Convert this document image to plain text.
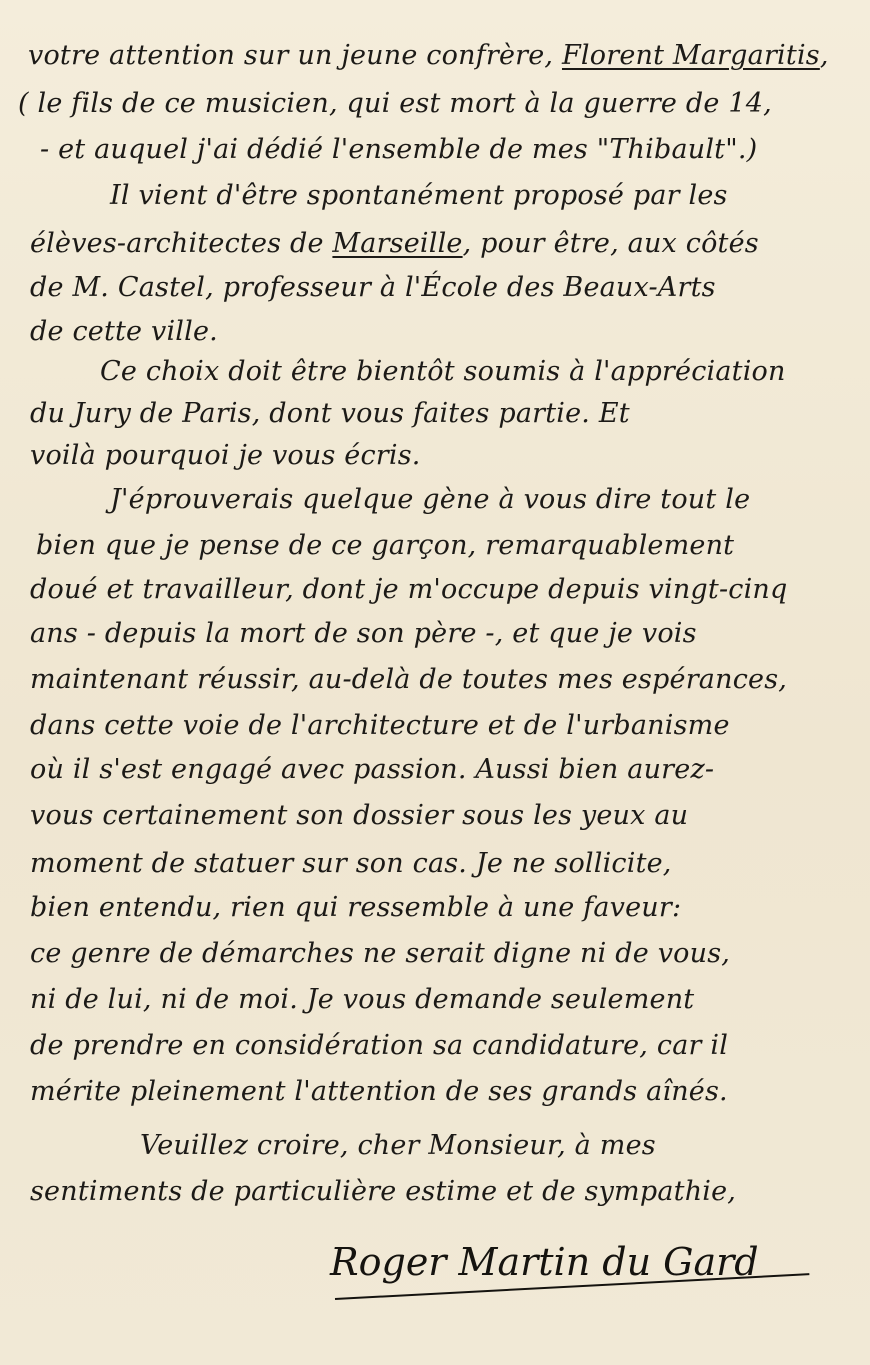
votre attention sur un jeune confrère, Florent Margaritis,
( le fils de ce musicien, qui est mort à la guerre de 14,
- et auquel j'ai dédié l'ensemble de mes "Thibault".)
Il vient d'être spontanément proposé par les
élèves-architectes de Marseille, pour être, aux côtés
de M. Castel, professeur à l'École des Beaux-Arts
de cette ville.
Ce choix doit être bientôt soumis à l'appréciation
du Jury de Paris, dont vous faites partie. Et
voilà pourquoi je vous écris.
J'éprouverais quelque gène à vous dire tout le
bien que je pense de ce garçon, remarquablement
doué et travailleur, dont je m'occupe depuis vingt-cinq
ans - depuis la mort de son père -, et que je vois
maintenant réussir, au-delà de toutes mes espérances,
dans cette voie de l'architecture et de l'urbanisme
où il s'est engagé avec passion. Aussi bien aurez-
vous certainement son dossier sous les yeux au
moment de statuer sur son cas. Je ne sollicite,
bien entendu, rien qui ressemble à une faveur:
ce genre de démarches ne serait digne ni de vous,
ni de lui, ni de moi. Je vous demande seulement
de prendre en considération sa candidature, car il
mérite pleinement l'attention de ses grands aînés.
Veuillez croire, cher Monsieur, à mes
sentiments de particulière estime et de sympathie,
Roger Martin du Gard
